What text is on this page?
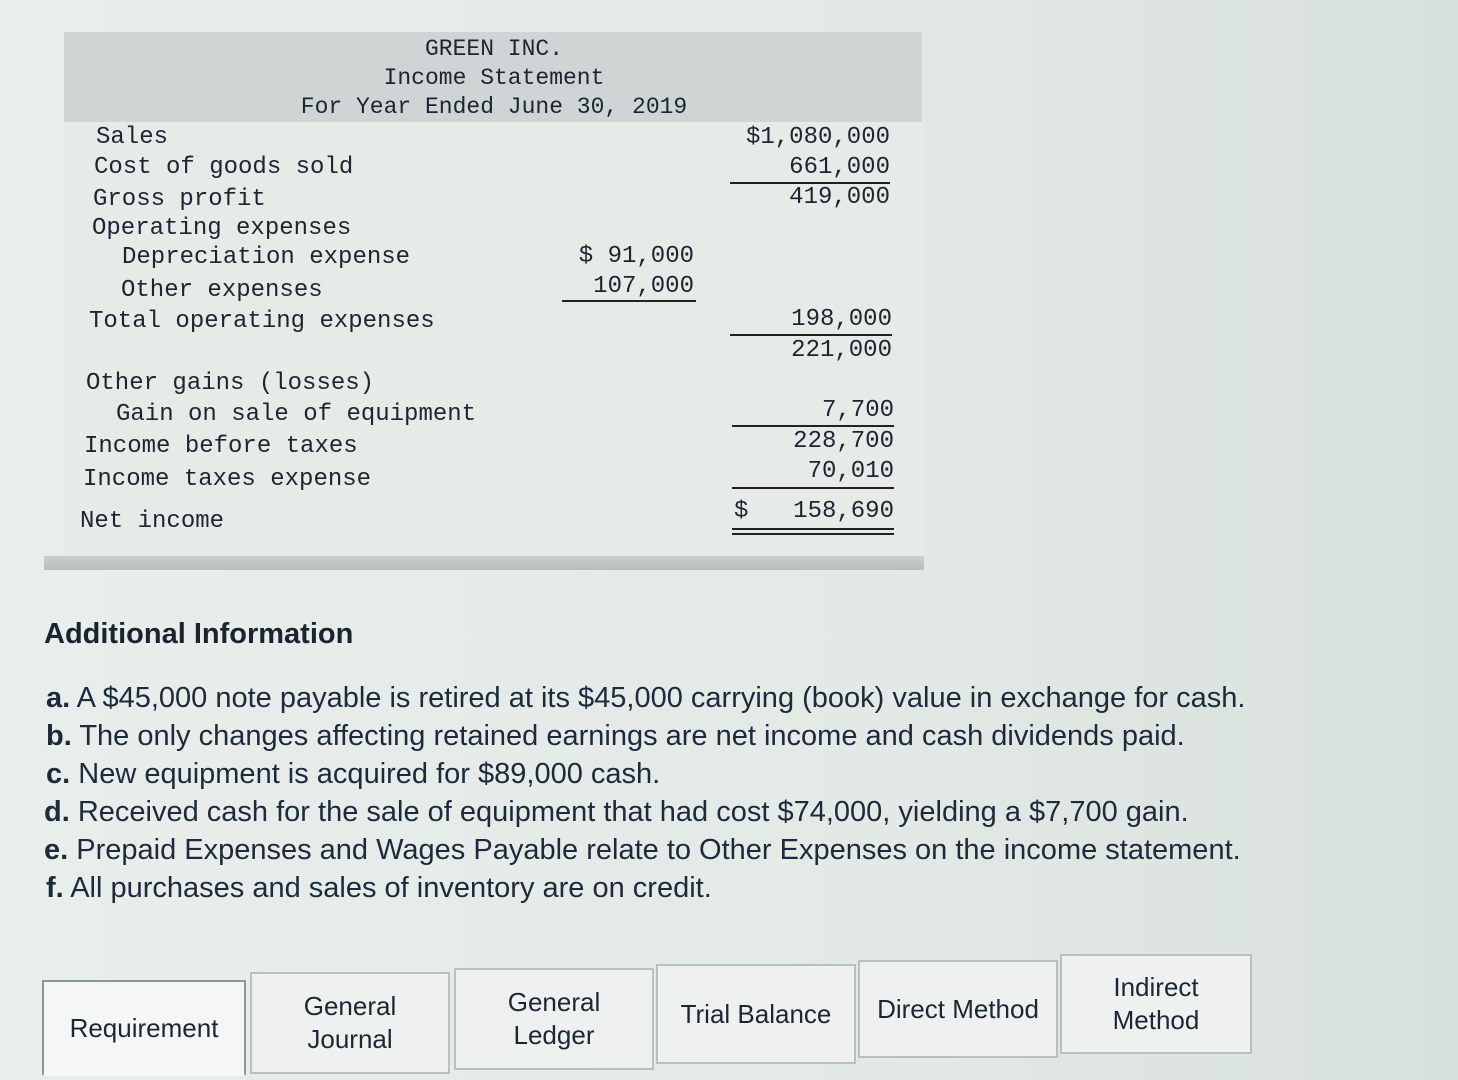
GREEN INC.
Income Statement
For Year Ended June 30, 2019
Sales
Cost of goods sold
Gross profit
Operating expenses
Depreciation expense
Other expenses
Total operating expenses
Other gains (losses)
Gain on sale of equipment
Income before taxes
Income taxes expense
Net income
$ 91,000
107,000
$1,080,000
661,000
419,000
198,000
221,000
7,700
228,700
70,010
$	158,690
Additional Information
a. A $45,000 note payable is retired at its $45,000 carrying (book) value in exchange for cash.
b. The only changes affecting retained earnings are net income and cash dividends paid.
c. New equipment is acquired for $89,000 cash.
d. Received cash for the sale of equipment that had cost $74,000, yielding a $7,700 gain.
e. Prepaid Expenses and Wages Payable relate to Other Expenses on the income statement.
f. All purchases and sales of inventory are on credit.
Requirement

General
Journal
General
Ledger
Trial Balance Direct Method

Indirect
Method
